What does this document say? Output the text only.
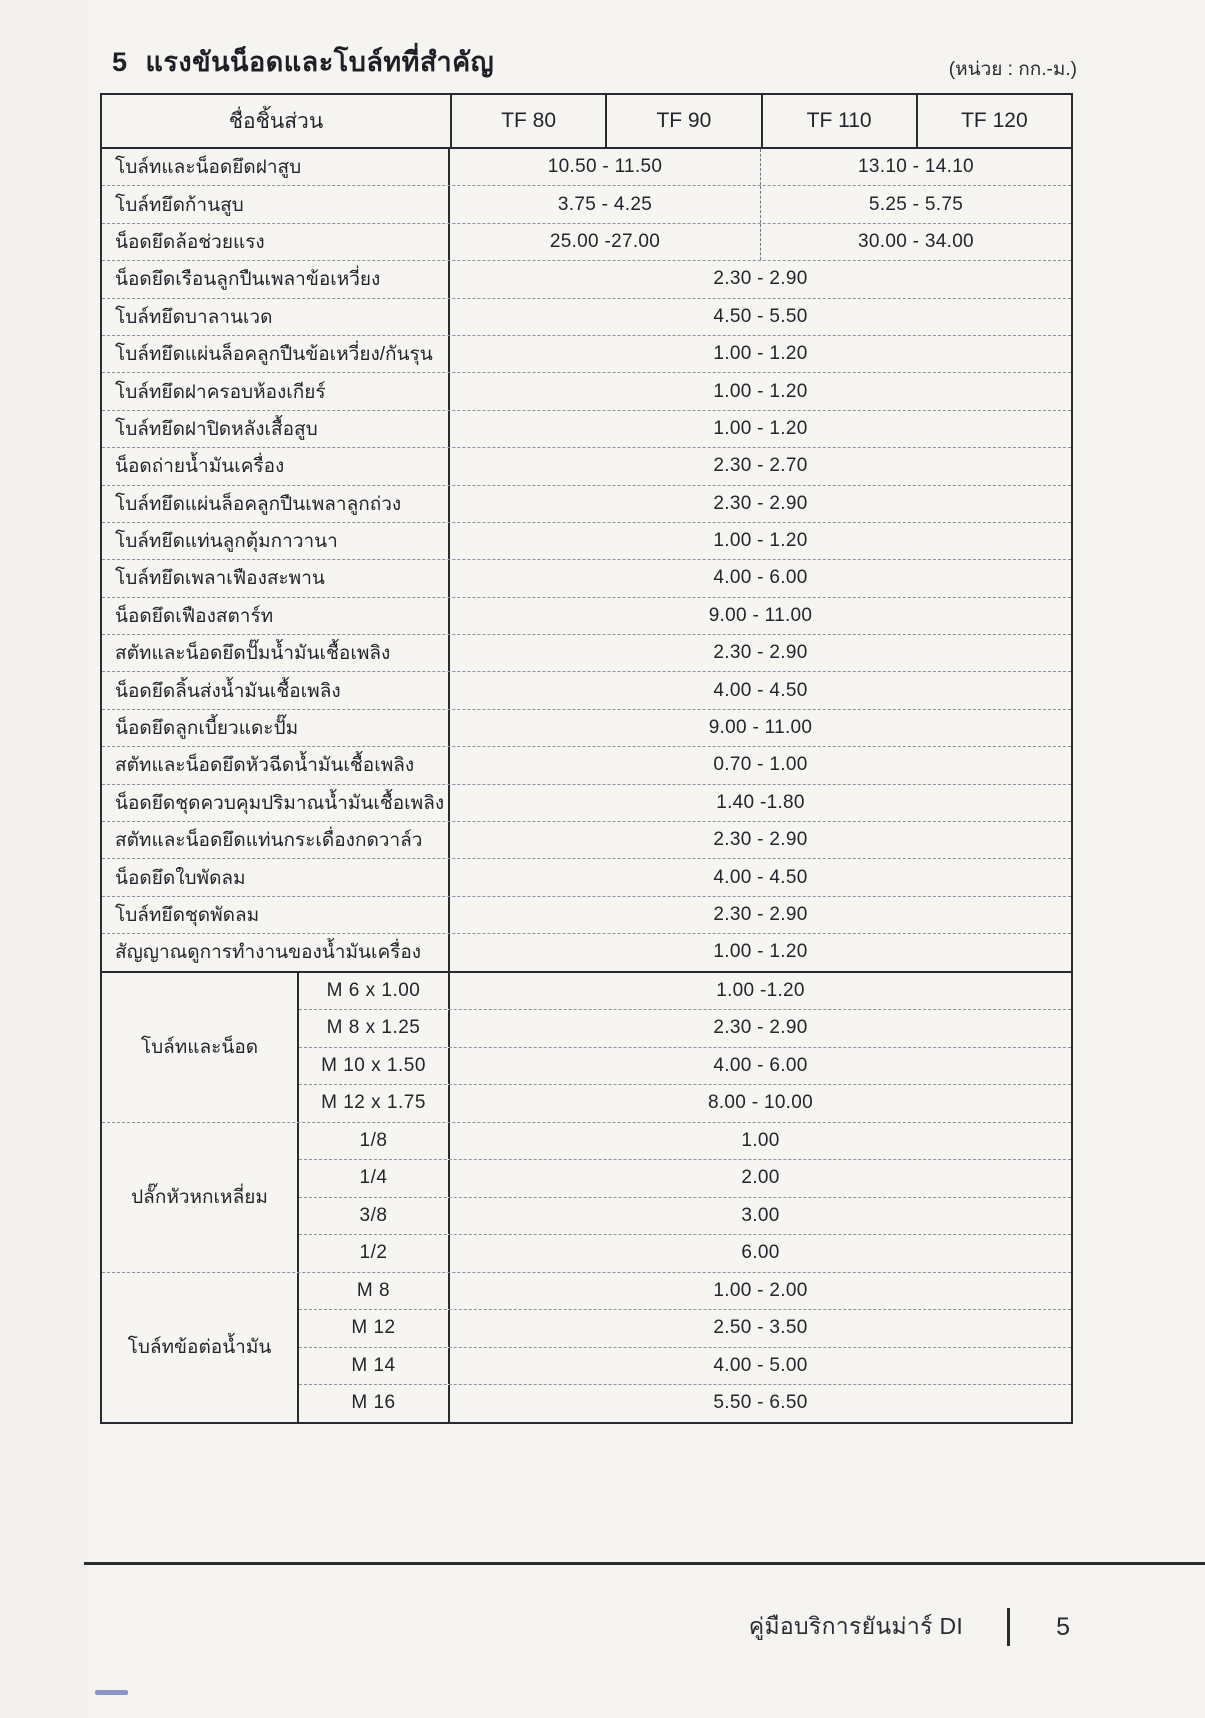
5 แรงขันน็อดและโบล์ทที่สำคัญ	(หน่วย : กก.-ม.)
ชื่อชิ้นส่วน	TF 80	TF 90	TF 110	TF 120
โบล์ทและน็อดยึดฝาสูบ	10.50 - 11.50	13.10 - 14.10
โบล์ทยึดก้านสูบ	3.75 - 4.25	5.25 - 5.75
น็อดยึดล้อช่วยแรง	25.00 -27.00	30.00 - 34.00
น็อดยึดเรือนลูกปืนเพลาข้อเหวี่ยง	2.30 - 2.90
โบล์ทยึดบาลานเวด	4.50 - 5.50
โบล์ทยึดแผ่นล็อคลูกปืนข้อเหวี่ยง/กันรุน	1.00 - 1.20
โบล์ทยึดฝาครอบห้องเกียร์	1.00 - 1.20
โบล์ทยึดฝาปิดหลังเสื้อสูบ	1.00 - 1.20
น็อดถ่ายน้ำมันเครื่อง	2.30 - 2.70
โบล์ทยึดแผ่นล็อคลูกปืนเพลาลูกถ่วง	2.30 - 2.90
โบล์ทยึดแท่นลูกตุ้มกาวานา	1.00 - 1.20
โบล์ทยึดเพลาเฟืองสะพาน	4.00 - 6.00
น็อดยึดเฟืองสตาร์ท	9.00 - 11.00
สตัทและน็อดยึดปั๊มน้ำมันเชื้อเพลิง	2.30 - 2.90
น็อดยึดลิ้นส่งน้ำมันเชื้อเพลิง	4.00 - 4.50
น็อดยึดลูกเบี้ยวแดะปั๊ม	9.00 - 11.00
สตัทและน็อดยึดหัวฉีดน้ำมันเชื้อเพลิง	0.70 - 1.00
น็อดยึดชุดควบคุมปริมาณน้ำมันเชื้อเพลิง	1.40 -1.80
สตัทและน็อดยึดแท่นกระเดื่องกดวาล์ว	2.30 - 2.90
น็อดยึดใบพัดลม	4.00 - 4.50
โบล์ทยึดชุดพัดลม	2.30 - 2.90
สัญญาณดูการทำงานของน้ำมันเครื่อง	1.00 - 1.20
โบล์ทและน็อด
M 6 x 1.00	1.00 -1.20
M 8 x 1.25	2.30 - 2.90
M 10 x 1.50	4.00 - 6.00
M 12 x 1.75	8.00 - 10.00
ปลั๊กหัวหกเหลี่ยม
1/8	1.00
1/4	2.00
3/8	3.00
1/2	6.00
โบล์ทข้อต่อน้ำมัน
M 8	1.00 - 2.00
M 12	2.50 - 3.50
M 14	4.00 - 5.00
M 16	5.50 - 6.50
คู่มือบริการยันม่าร์ DI	5
